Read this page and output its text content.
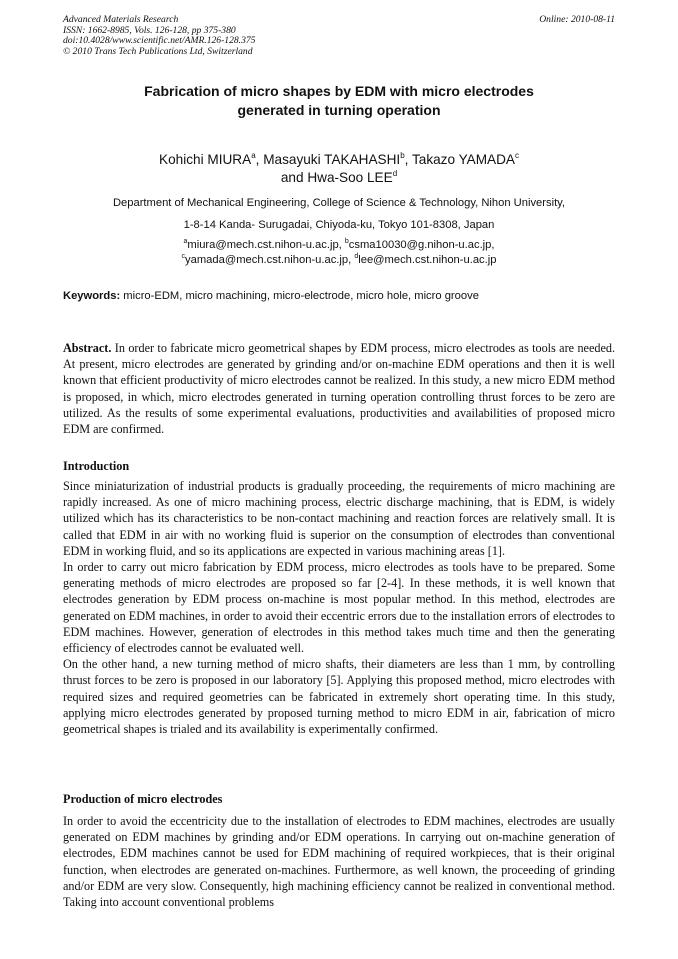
Advanced Materials Research
ISSN: 1662-8985, Vols. 126-128, pp 375-380
doi:10.4028/www.scientific.net/AMR.126-128.375
© 2010 Trans Tech Publications Ltd, Switzerland
Online: 2010-08-11
Fabrication of micro shapes by EDM with micro electrodes
generated in turning operation
Kohichi MIURA$^a$, Masayuki TAKAHASHI$^b$, Takazo YAMADA$^c$
and Hwa-Soo LEE$^d$
Department of Mechanical Engineering, College of Science & Technology, Nihon University,
1-8-14 Kanda- Surugadai, Chiyoda-ku, Tokyo 101-8308, Japan
$^a$miura@mech.cst.nihon-u.ac.jp, $^b$csma10030@g.nihon-u.ac.jp,
$^c$yamada@mech.cst.nihon-u.ac.jp, $^d$lee@mech.cst.nihon-u.ac.jp
Keywords: micro-EDM, micro machining, micro-electrode, micro hole, micro groove

Abstract. In order to fabricate micro geometrical shapes by EDM process, micro electrodes as tools are needed. At present, micro electrodes are generated by grinding and/or on-machine EDM operations and then it is well known that efficient productivity of micro electrodes cannot be realized. In this study, a new micro EDM method is proposed, in which, micro electrodes generated in turning operation controlling thrust forces to be zero are utilized. As the results of some experimental evaluations, productivities and availabilities of proposed micro EDM are confirmed.

Introduction

Since miniaturization of industrial products is gradually proceeding, the requirements of micro machining are rapidly increased. As one of micro machining process, electric discharge machining, that is EDM, is widely utilized which has its characteristics to be non-contact machining and reaction forces are relatively small. It is called that EDM in air with no working fluid is superior on the consumption of electrodes than conventional EDM in working fluid, and so its applications are expected in various machining areas [1].

In order to carry out micro fabrication by EDM process, micro electrodes as tools have to be prepared. Some generating methods of micro electrodes are proposed so far [2-4]. In these methods, it is well known that electrodes generation by EDM process on-machine is most popular method. In this method, electrodes are generated on EDM machines, in order to avoid their eccentric errors due to the installation errors of electrodes to EDM machines. However, generation of electrodes in this method takes much time and then the generating efficiency of electrodes cannot be evaluated well.

On the other hand, a new turning method of micro shafts, their diameters are less than 1 mm, by controlling thrust forces to be zero is proposed in our laboratory [5]. Applying this proposed method, micro electrodes with required sizes and required geometries can be fabricated in extremely short operating time. In this study, applying micro electrodes generated by proposed turning method to micro EDM in air, fabrication of micro geometrical shapes is trialed and its availability is experimentally confirmed.

Production of micro electrodes

In order to avoid the eccentricity due to the installation of electrodes to EDM machines, electrodes are usually generated on EDM machines by grinding and/or EDM operations. In carrying out on-machine generation of electrodes, EDM machines cannot be used for EDM machining of required workpieces, that is their original function, when electrodes are generated on-machines. Furthermore, as well known, the proceeding of grinding and/or EDM are very slow. Consequently, high machining efficiency cannot be realized in conventional method. Taking into account conventional problems
